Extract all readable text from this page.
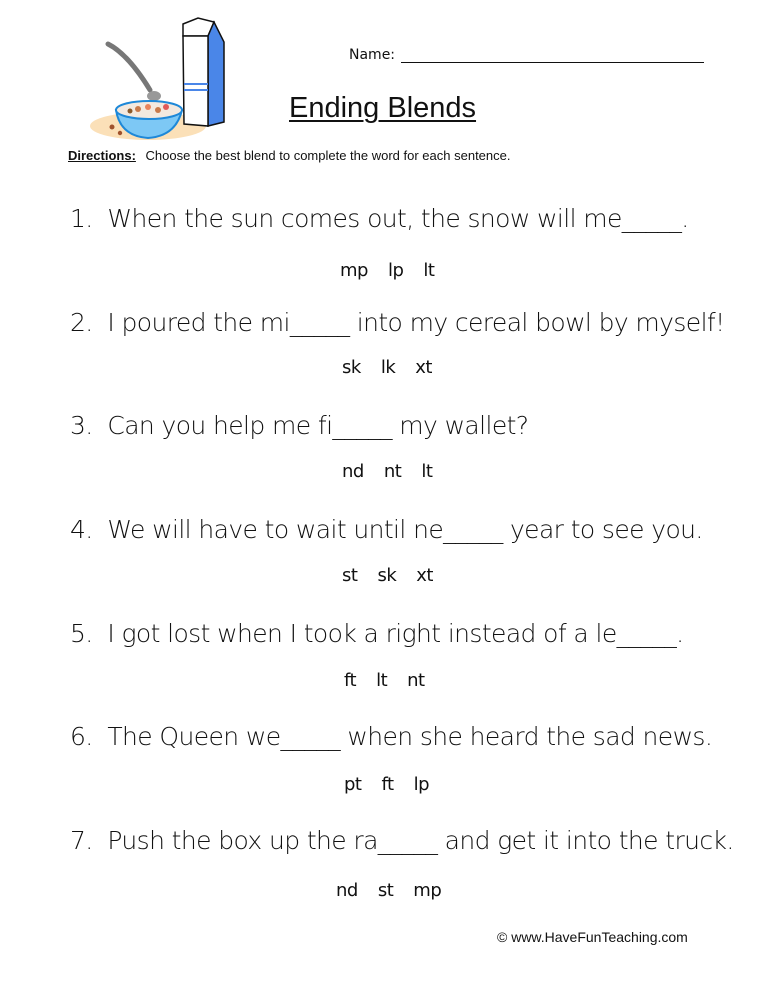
Name:
Ending Blends
Directions: Choose the best blend to complete the word for each sentence.
1. When the sun comes out, the snow will me_____.
mp lp lt
2. I poured the mi_____ into my cereal bowl by myself!
sk lk xt
3. Can you help me fi_____ my wallet?
nd nt lt
4. We will have to wait until ne_____ year to see you.
st sk xt
5. I got lost when I took a right instead of a le_____.
ft lt nt
6. The Queen we_____ when she heard the sad news.
pt ft lp
7. Push the box up the ra_____ and get it into the truck.
nd st mp
© www.HaveFunTeaching.com
